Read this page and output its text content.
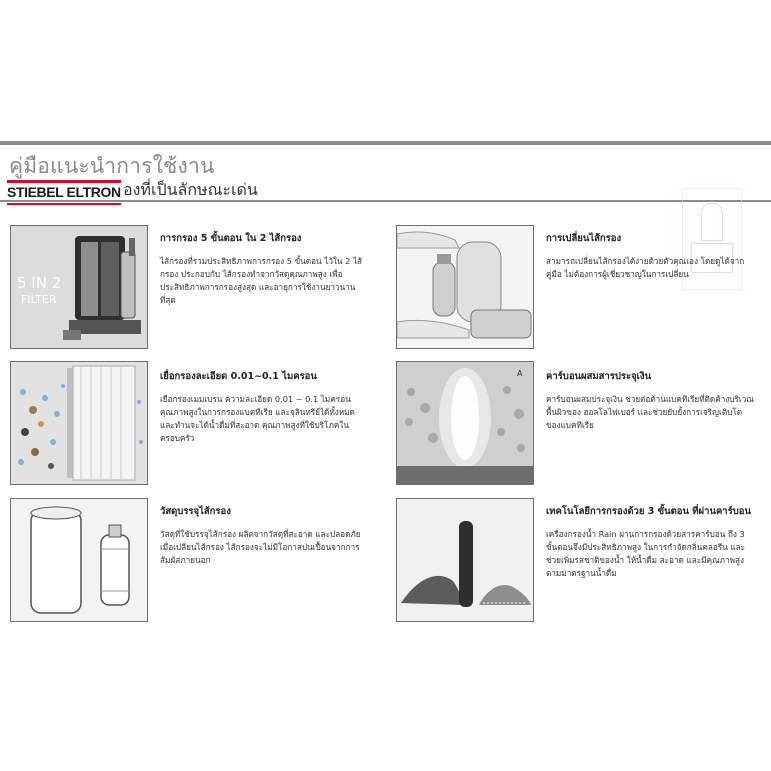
คู่มือแนะนำการใช้งาน
STIEBEL ELTRON องที่เป็นลักษณะเด่น
5 IN 2
FILTER

การกรอง 5 ขั้นตอน ใน 2 ไส้กรอง

ไส้กรองที่รวมประสิทธิภาพการกรอง 5 ขั้นตอน ไว้ใน 2 ไส้กรอง ประกอบกับ ไส้กรองทำจากวัสดุคุณภาพสูง เพื่อประสิทธิภาพการกรองสูงสุด และอายุการใช้งานยาวนานที่สุด

การเปลี่ยนไส้กรอง

สามารถเปลี่ยนไส้กรองได้ง่ายด้วยตัวคุณเอง โดยดูได้จากคู่มือ ไม่ต้องการผู้เชี่ยวชาญในการเปลี่ยน

เยื่อกรองละเอียด 0.01~0.1 ไมครอน

เยื่อกรองเมมเบรน ความละเอียด 0.01 ~ 0.1 ไมครอน คุณภาพสูงในการกรองแบคทีเรีย และจุลินทรีย์ได้ทั้งหมด และทำนจะได้น้ำดื่มที่สะอาด คุณภาพสูงที่ใช้บริโภคในครอบครัว

A คาร์บอนผสมสารประจุเงิน

คาร์บอนผสมประจุเงิน ช่วยต่อต้านแบคทีเรียที่ติดค้างบริเวณพื้นผิวของ ฮอลโลไฟเบอร์ และช่วยยับยั้งการเจริญเติบโตของแบคทีเรีย

วัสดุบรรจุไส้กรอง

วัสดุที่ใช้บรรจุไส้กรอง ผลิตจากวัสดุที่สะอาด และปลอดภัยเมื่อเปลี่ยนไส้กรอง ไส้กรองจะไม่มีโอกาสปนเปื้อนจากการสัมผัสภายนอก

เทคโนโลยีการกรองด้วย 3 ขั้นตอน ที่ผ่านคาร์บอน

เครื่องกรองน้ำ Rain ผ่านการกรองด้วยสารคาร์บอน ถึง 3 ขั้นตอนจึงมีประสิทธิภาพสูง ในการกำจัดกลิ่นคลอรีน และช่วยเพิ่มรสชาติของน้ำ ให้น้ำดื่ม สะอาด และมีคุณภาพสูง ตามมาตรฐานน้ำดื่ม
